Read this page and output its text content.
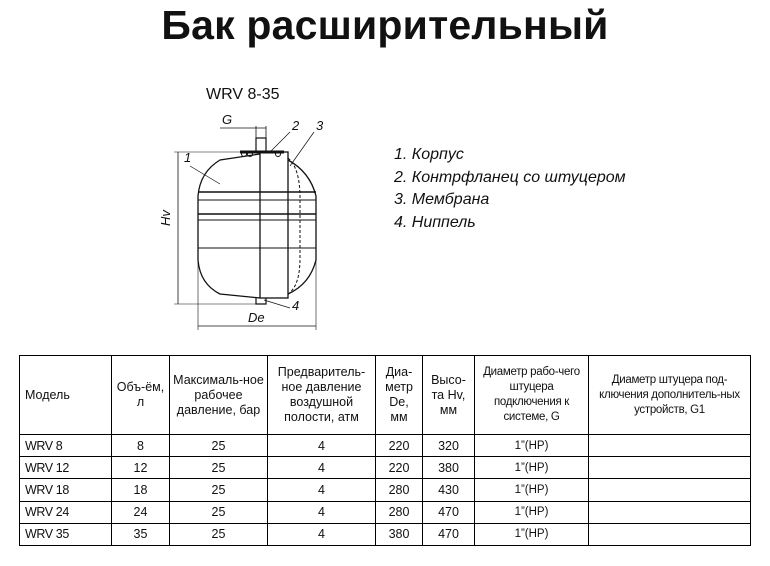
Бак расширительный
WRV 8-35
G
Hv
De
1
2 3
4
1. Корпус
2. Контрфланец со штуцером
3. Мембрана
4. Ниппель
Модель	Объ-ём, л	Максималь-ное рабочее давление, бар	Предваритель-ное давление воздушной полости, атм	Диа-метр De, мм	Высо-та Hv, мм	Диаметр рабо-чего штуцера подключения к системе, G	Диаметр штуцера под-ключения дополнитель-ных устройств, G1
WRV 8	8	25	4	220	320	1”(НР)	
WRV 12	12	25	4	220	380	1”(НР)	
WRV 18	18	25	4	280	430	1”(НР)	
WRV 24	24	25	4	280	470	1”(НР)	
WRV 35	35	25	4	380	470	1”(НР)	
